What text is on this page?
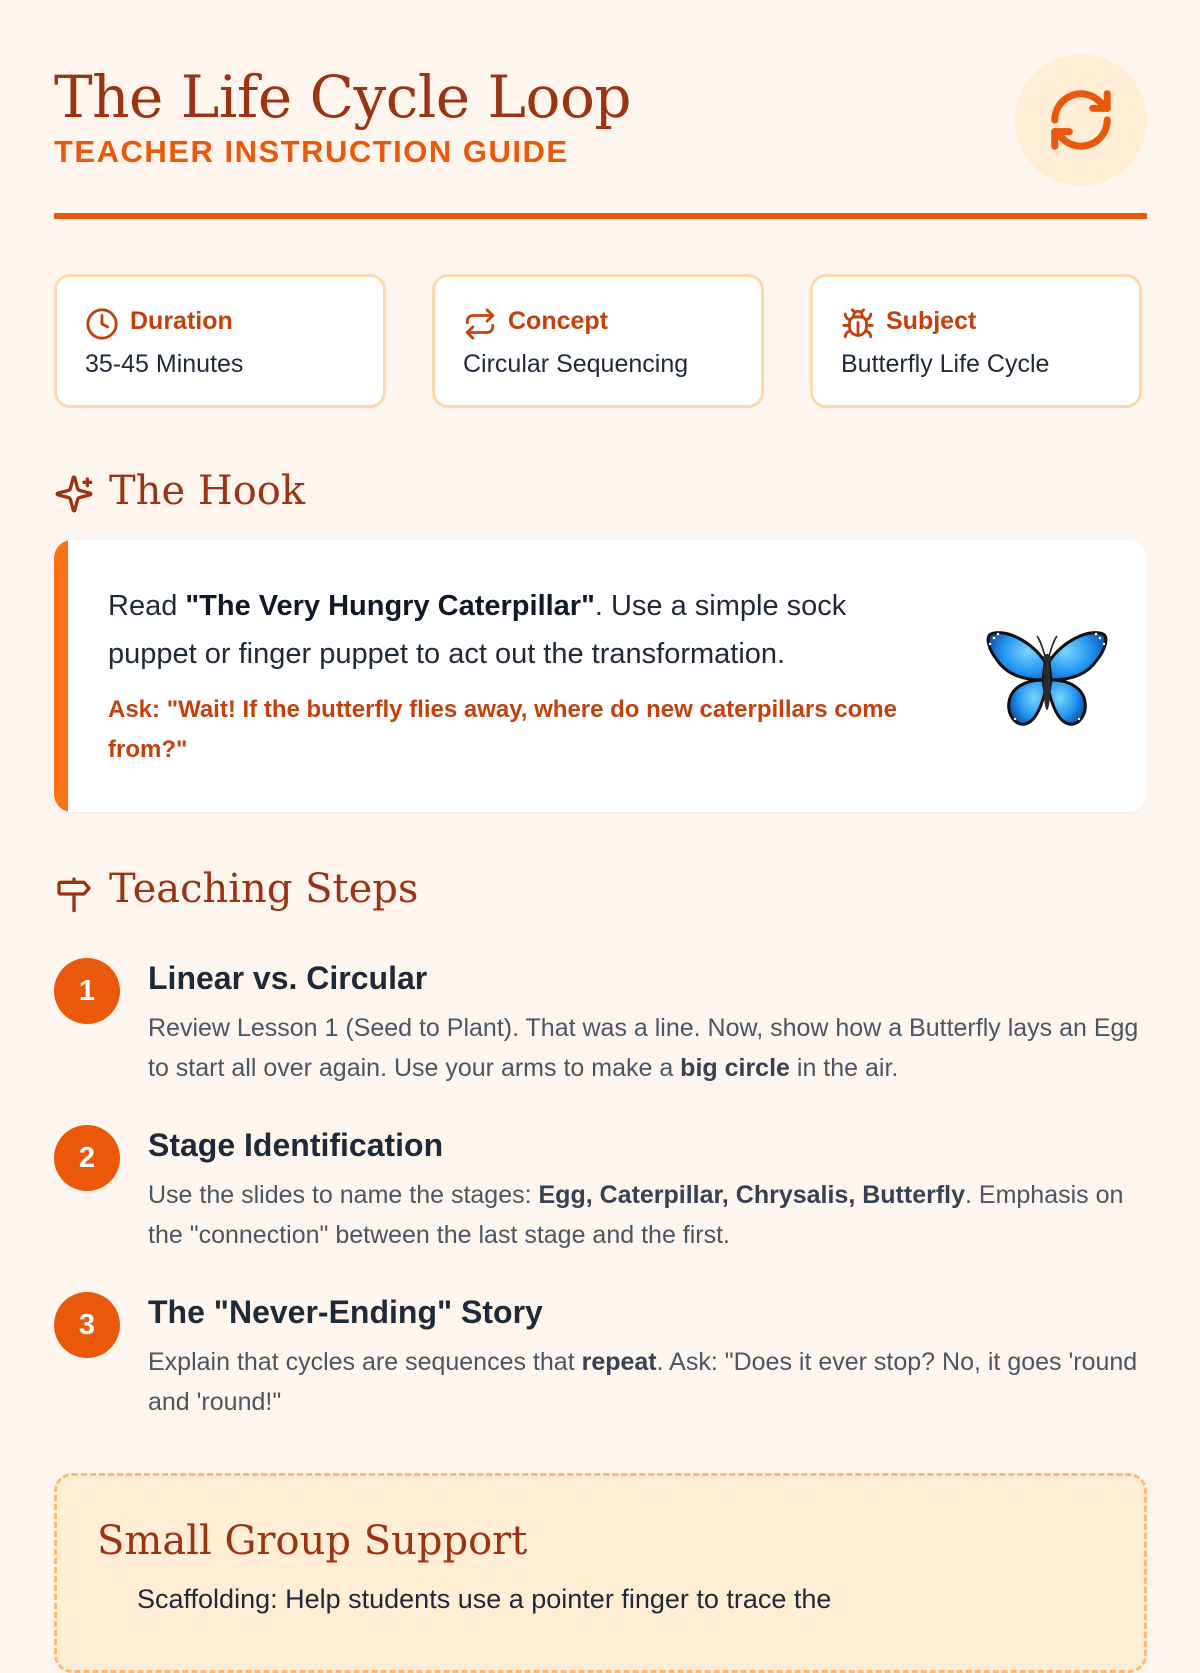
The Life Cycle Loop
TEACHER INSTRUCTION GUIDE
Duration
35-45 Minutes
Concept
Circular Sequencing
Subject
Butterfly Life Cycle
The Hook
Read "The Very Hungry Caterpillar". Use a simple sock puppet or finger puppet to act out the transformation.
Ask: "Wait! If the butterfly flies away, where do new caterpillars come from?"
Teaching Steps
1	Linear vs. Circular
Review Lesson 1 (Seed to Plant). That was a line. Now, show how a Butterfly lays an Egg to start all over again. Use your arms to make a big circle in the air.
2	Stage Identification
Use the slides to name the stages: Egg, Caterpillar, Chrysalis, Butterfly. Emphasis on the "connection" between the last stage and the first.
3	The "Never-Ending" Story
Explain that cycles are sequences that repeat. Ask: "Does it ever stop? No, it goes 'round and 'round!"
Small Group Support
Scaffolding: Help students use a pointer finger to trace the
